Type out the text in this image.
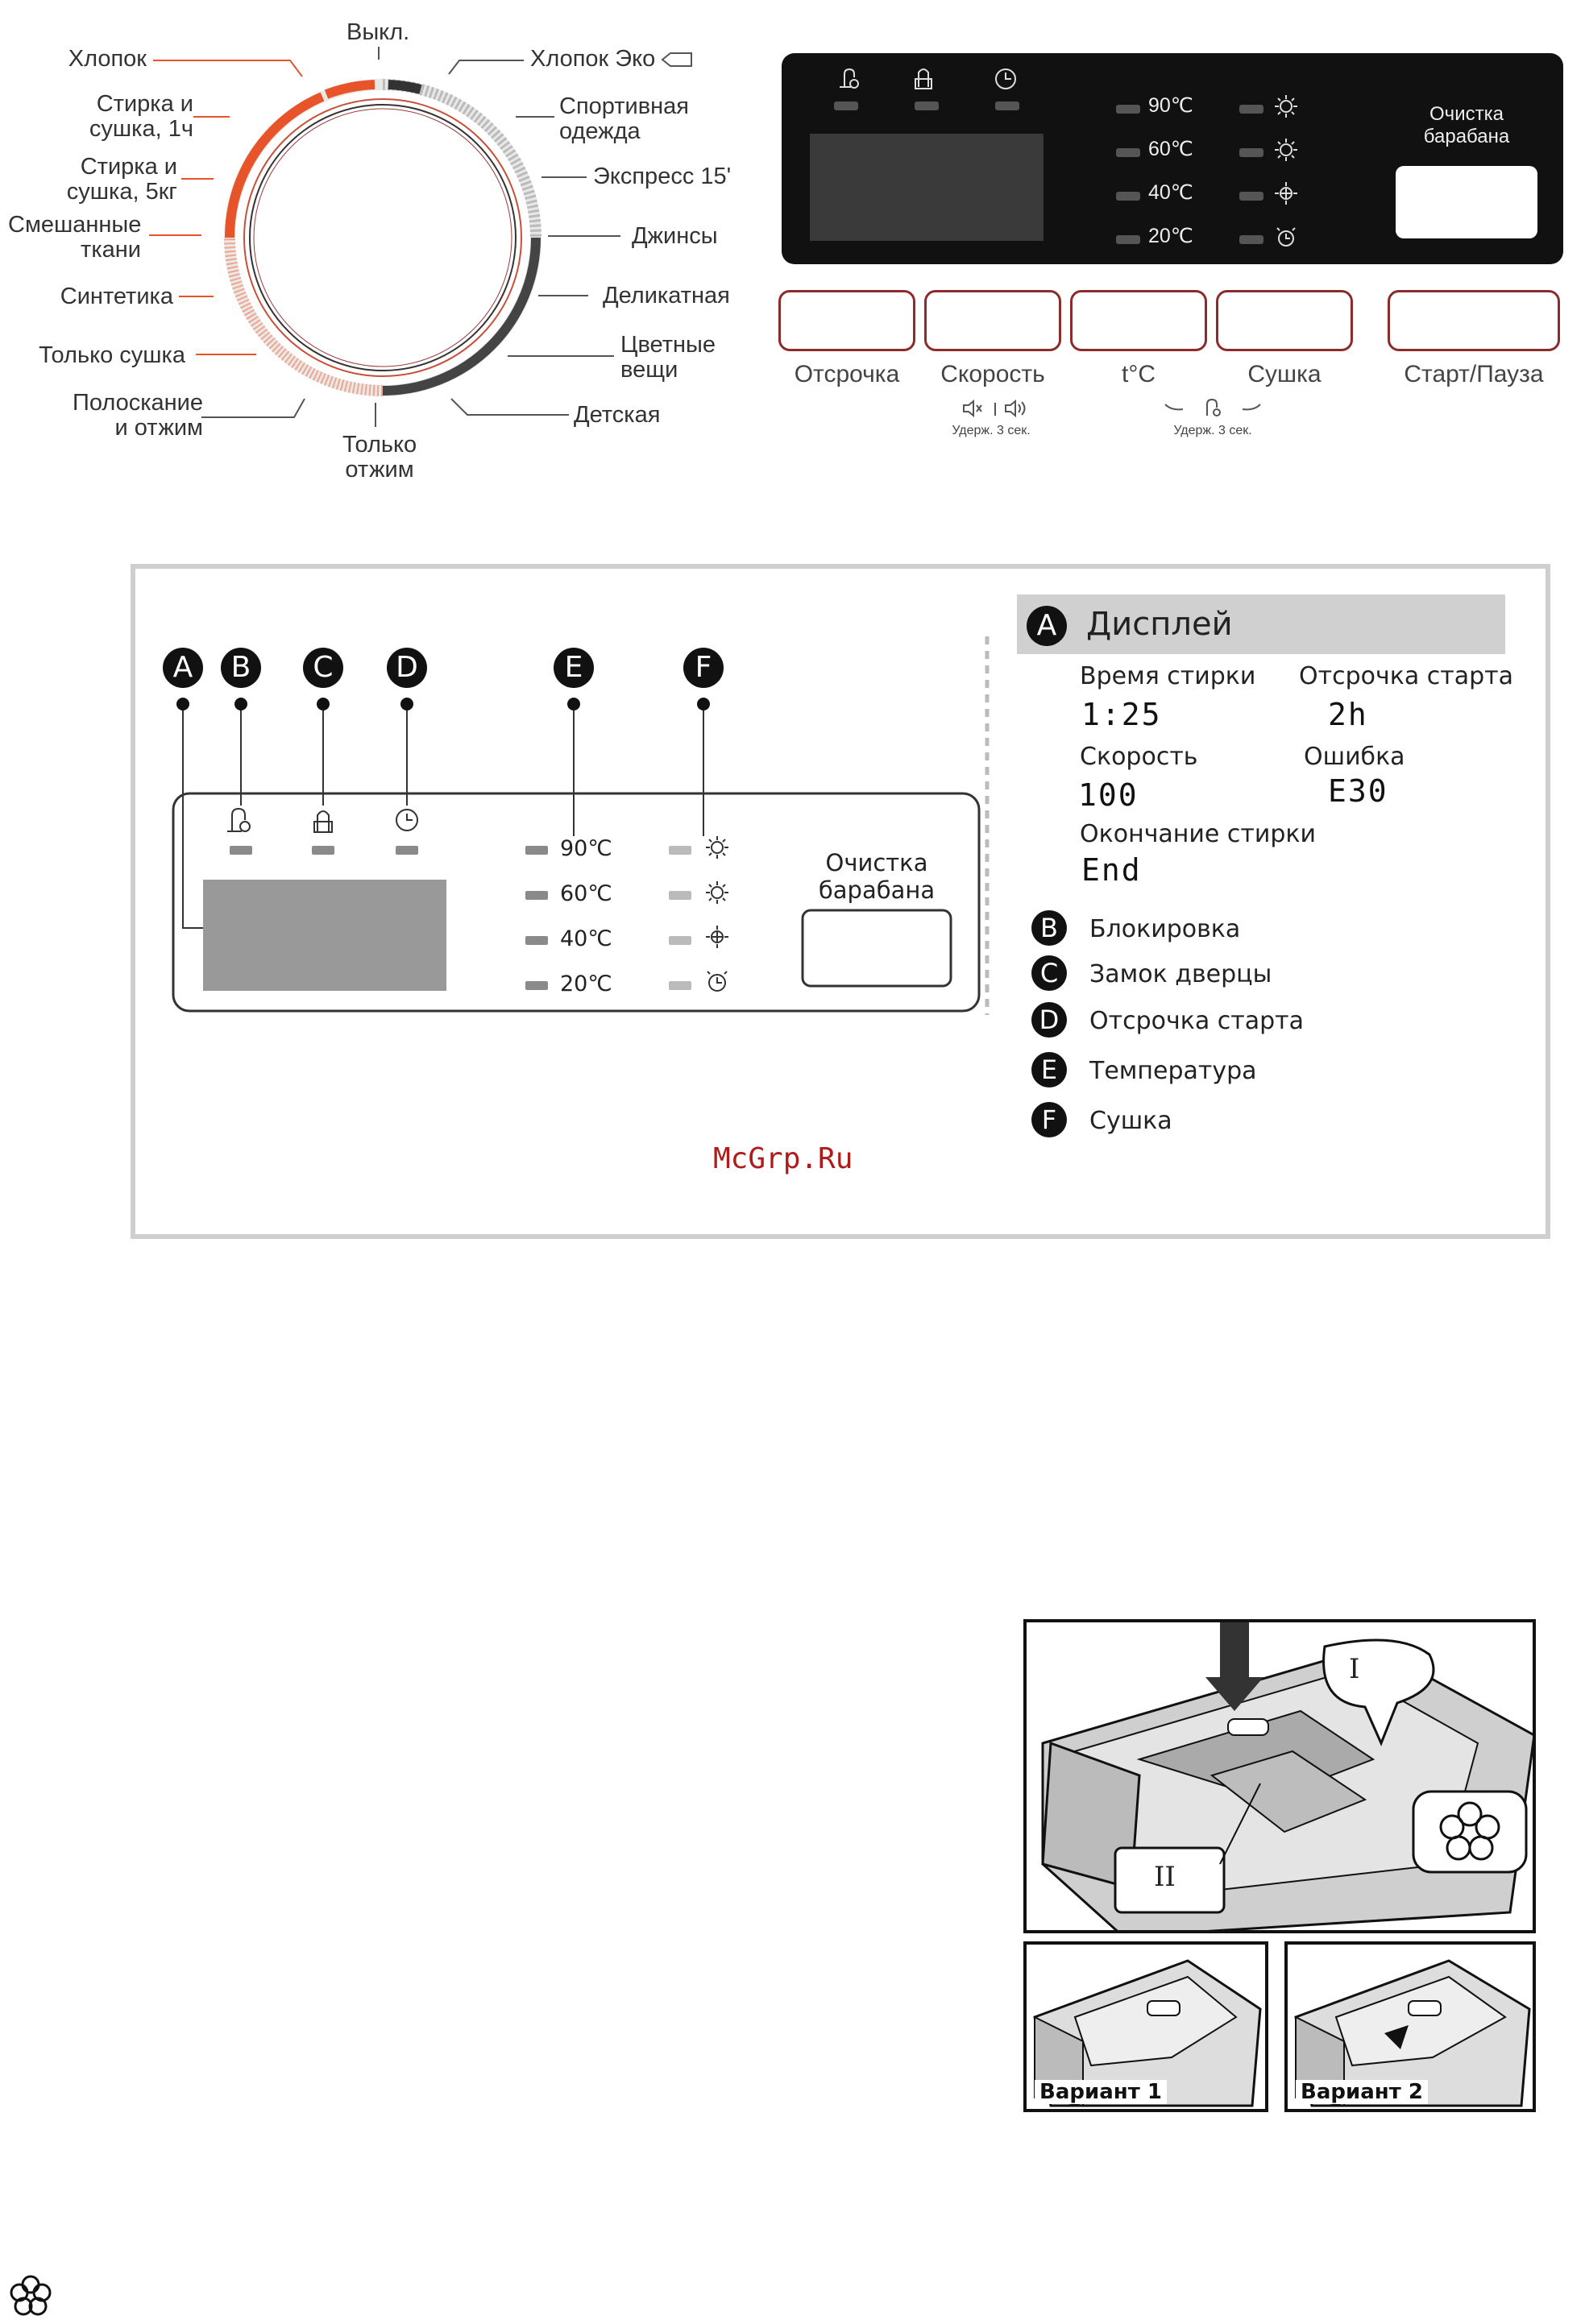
Хлопок
Стирка и
сушка, 1ч
Стирка и
сушка, 5кг
Смешанные
ткани
Синтетика
Только сушка
Полоскание
и отжим
Выкл.
Только
отжим
Хлопок Эко
Спортивная
одежда
Экспресс 15'
Джинсы
Деликатная
Цветные
вещи
Детская
90℃
60℃
40℃
20℃
Очистка
барабана
Отсрочка	Скорость	t°C	Сушка	Старт/Пауза
Удерж. 3 сек.	Удерж. 3 сек.
A	B	C	D	E	F
90℃
60℃
40℃
20℃
Очистка
барабана
A Дисплей
Время стирки
1:25
Отсрочка старта
2h
Скорость
100
Ошибка
E30
Окончание стирки
End
B	Блокировка
C	Замок дверцы
D	Отсрочка старта
E	Температура
F	Сушка
McGrp.Ru
I
II
Вариант 1	Вариант 2
